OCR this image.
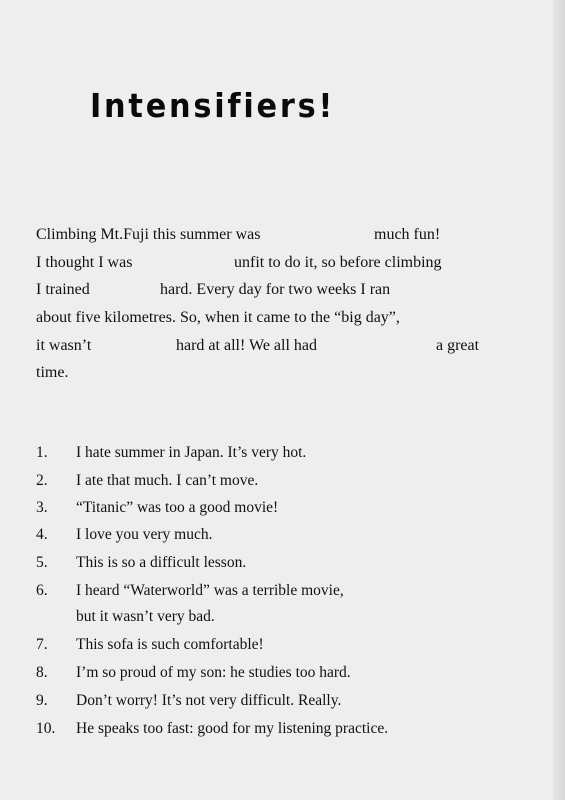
Intensifiers!
Climbing Mt.Fuji this summer was	much fun!
I thought I was	unfit to do it, so before climbing
I trained	hard. Every day for two weeks I ran
about five kilometres. So, when it came to the “big day”,
it wasn’t	hard at all! We all had	a great
time.
1. I hate summer in Japan. It’s very hot.
2. I ate that much. I can’t move.
3. “Titanic” was too a good movie!
4. I love you very much.
5. This is so a difficult lesson.
6. I heard “Waterworld” was a terrible movie,
but it wasn’t very bad.
7. This sofa is such comfortable!
8. I’m so proud of my son: he studies too hard.
9. Don’t worry! It’s not very difficult. Really.
10. He speaks too fast: good for my listening practice.
